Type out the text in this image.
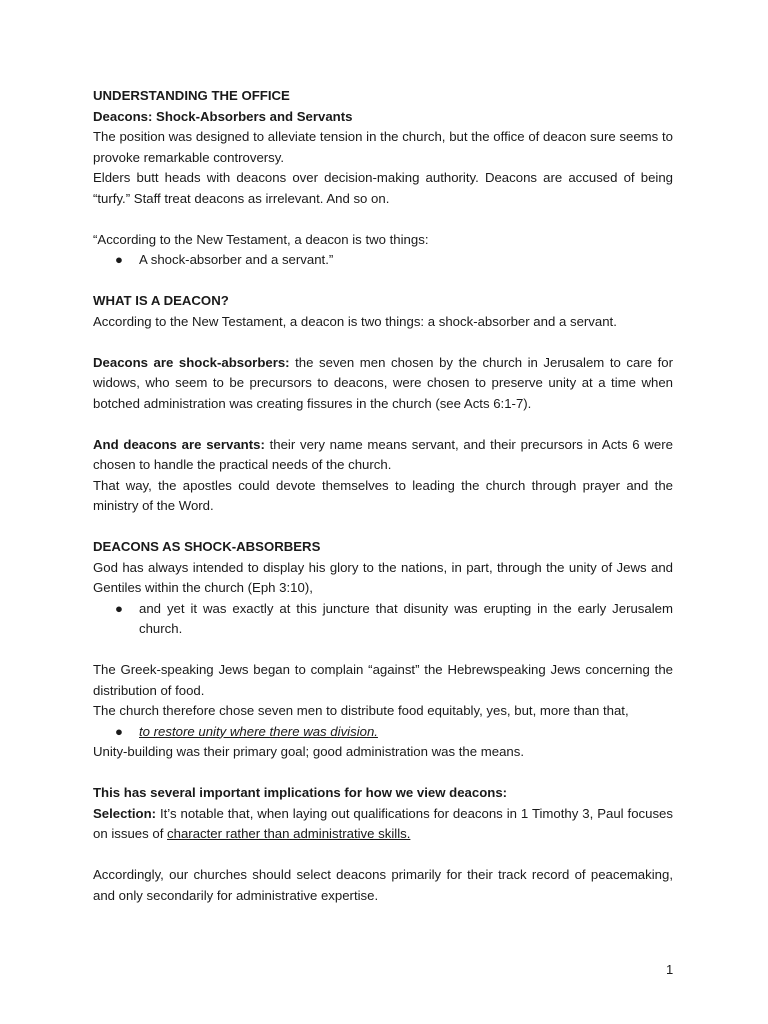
UNDERSTANDING THE OFFICE

Deacons: Shock-Absorbers and Servants

The position was designed to alleviate tension in the church, but the office of deacon sure seems to provoke remarkable controversy.

Elders butt heads with deacons over decision-making authority. Deacons are accused of being “turfy.” Staff treat deacons as irrelevant. And so on.

“According to the New Testament, a deacon is two things:

●	A shock-absorber and a servant.”

WHAT IS A DEACON?

According to the New Testament, a deacon is two things: a shock-absorber and a servant.

Deacons are shock-absorbers: the seven men chosen by the church in Jerusalem to care for widows, who seem to be precursors to deacons, were chosen to preserve unity at a time when botched administration was creating fissures in the church (see Acts 6:1-7).

And deacons are servants: their very name means servant, and their precursors in Acts 6 were chosen to handle the practical needs of the church.

That way, the apostles could devote themselves to leading the church through prayer and the ministry of the Word.

DEACONS AS SHOCK-ABSORBERS

God has always intended to display his glory to the nations, in part, through the unity of Jews and Gentiles within the church (Eph 3:10),

●	and yet it was exactly at this juncture that disunity was erupting in the early Jerusalem church.

The Greek-speaking Jews began to complain “against” the Hebrewspeaking Jews concerning the distribution of food.

The church therefore chose seven men to distribute food equitably, yes, but, more than that,

●	to restore unity where there was division.

Unity-building was their primary goal; good administration was the means.

This has several important implications for how we view deacons:

Selection: It’s notable that, when laying out qualifications for deacons in 1 Timothy 3, Paul focuses on issues of character rather than administrative skills.

Accordingly, our churches should select deacons primarily for their track record of peacemaking, and only secondarily for administrative expertise.

1
